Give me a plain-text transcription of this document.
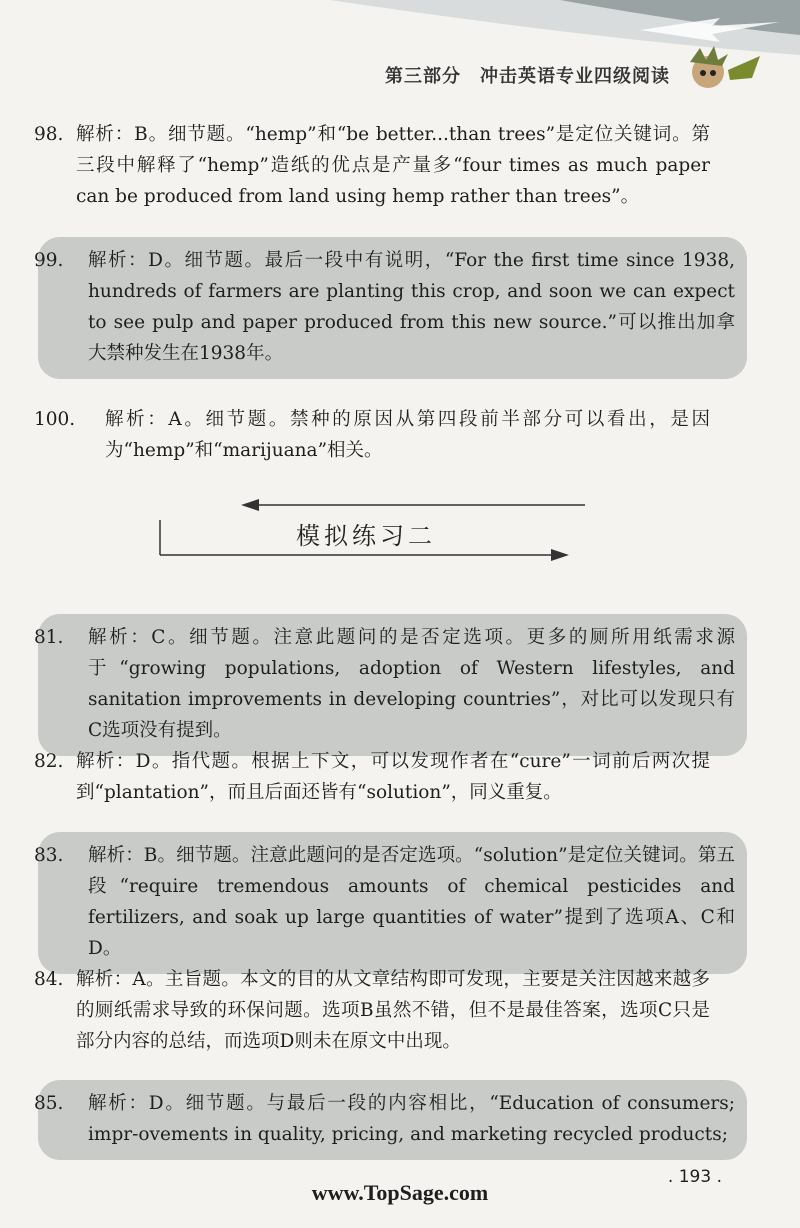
第三部分　冲击英语专业四级阅读
98. 解析：B。细节题。“hemp”和“be better...than trees”是定位关键词。第三段中解释了“hemp”造纸的优点是产量多“four times as much paper can be produced from land using hemp rather than trees”。
99. 解析：D。细节题。最后一段中有说明，“For the first time since 1938, hundreds of farmers are planting this crop, and soon we can expect to see pulp and paper produced from this new source.”可以推出加拿大禁种发生在1938年。
100. 解析：A。细节题。禁种的原因从第四段前半部分可以看出，是因为“hemp”和“marijuana”相关。
模拟练习二
81. 解析：C。细节题。注意此题问的是否定选项。更多的厕所用纸需求源于“growing populations, adoption of Western lifestyles, and sanitation improvements in developing countries”，对比可以发现只有C选项没有提到。
82. 解析：D。指代题。根据上下文，可以发现作者在“cure”一词前后两次提到“plantation”，而且后面还皆有“solution”，同义重复。
83. 解析：B。细节题。注意此题问的是否定选项。“solution”是定位关键词。第五段“require tremendous amounts of chemical pesticides and fertilizers, and soak up large quantities of water”提到了选项A、C和D。
84. 解析：A。主旨题。本文的目的从文章结构即可发现，主要是关注因越来越多的厕纸需求导致的环保问题。选项B虽然不错，但不是最佳答案，选项C只是部分内容的总结，而选项D则未在原文中出现。
85. 解析：D。细节题。与最后一段的内容相比，“Education of consumers; impr-ovements in quality, pricing, and marketing recycled products;
. 193 .
www.TopSage.com
